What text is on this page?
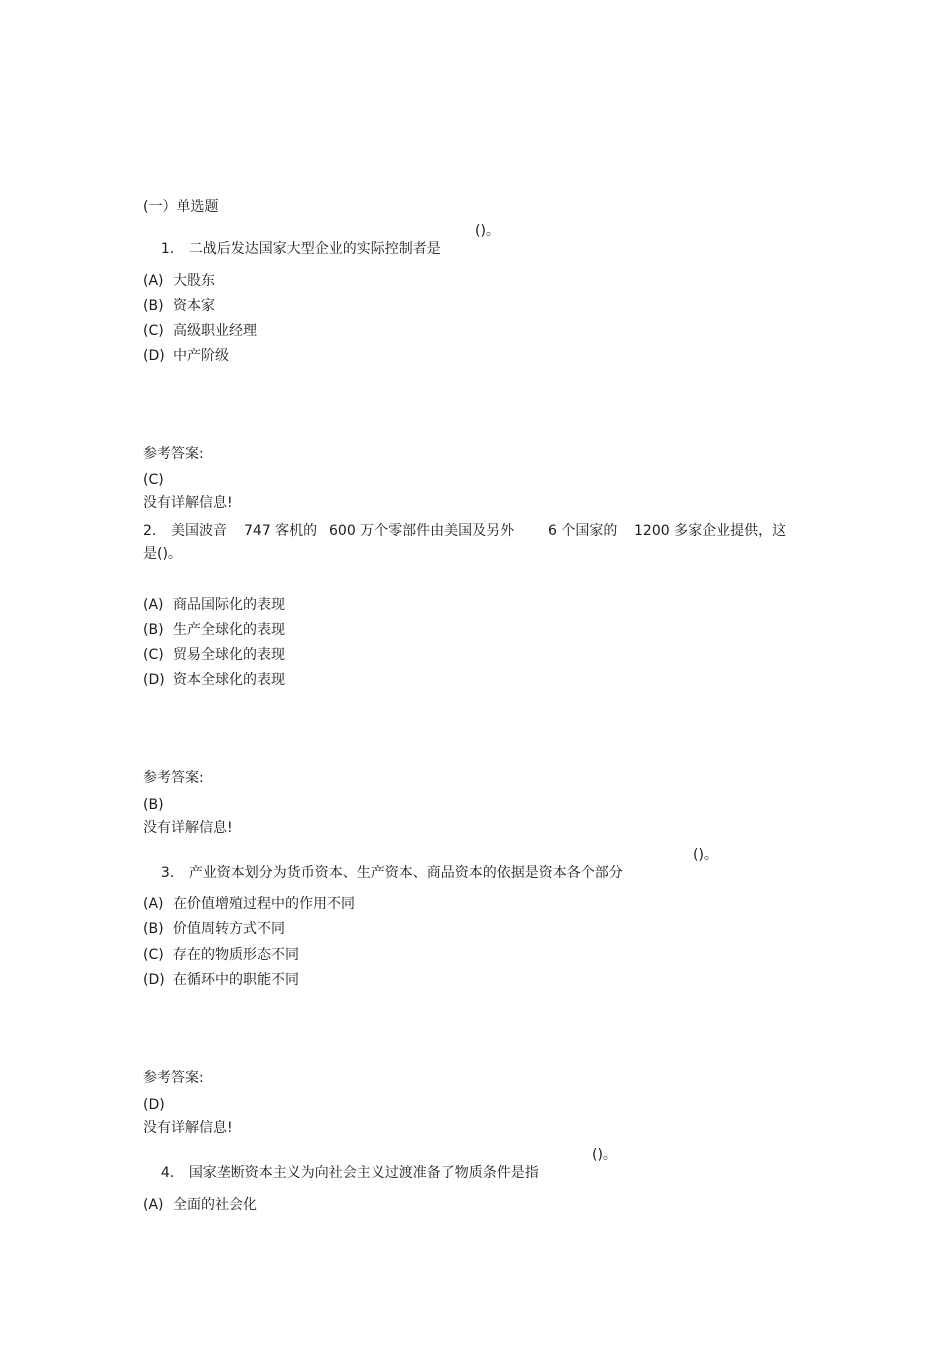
(一）单选题

1. 二战后发达国家大型企业的实际控制者是

()。
(A) 大股东
(B) 资本家
(C) 高级职业经理
(D) 中产阶级
参考答案:
(C)
没有详解信息!
2. 美国波音 747 客机的 600 万个零部件由美国及另外 6 个国家的 1200 多家企业提供，这
是()。
(A) 商品国际化的表现
(B) 生产全球化的表现
(C) 贸易全球化的表现
(D) 资本全球化的表现
参考答案:
(B)
没有详解信息!

3. 产业资本划分为货币资本、生产资本、商品资本的依据是资本各个部分

()。
(A) 在价值增殖过程中的作用不同
(B) 价值周转方式不同
(C) 存在的物质形态不同
(D) 在循环中的职能不同
参考答案:
(D)
没有详解信息!

4. 国家垄断资本主义为向社会主义过渡准备了物质条件是指

()。
(A) 全面的社会化
